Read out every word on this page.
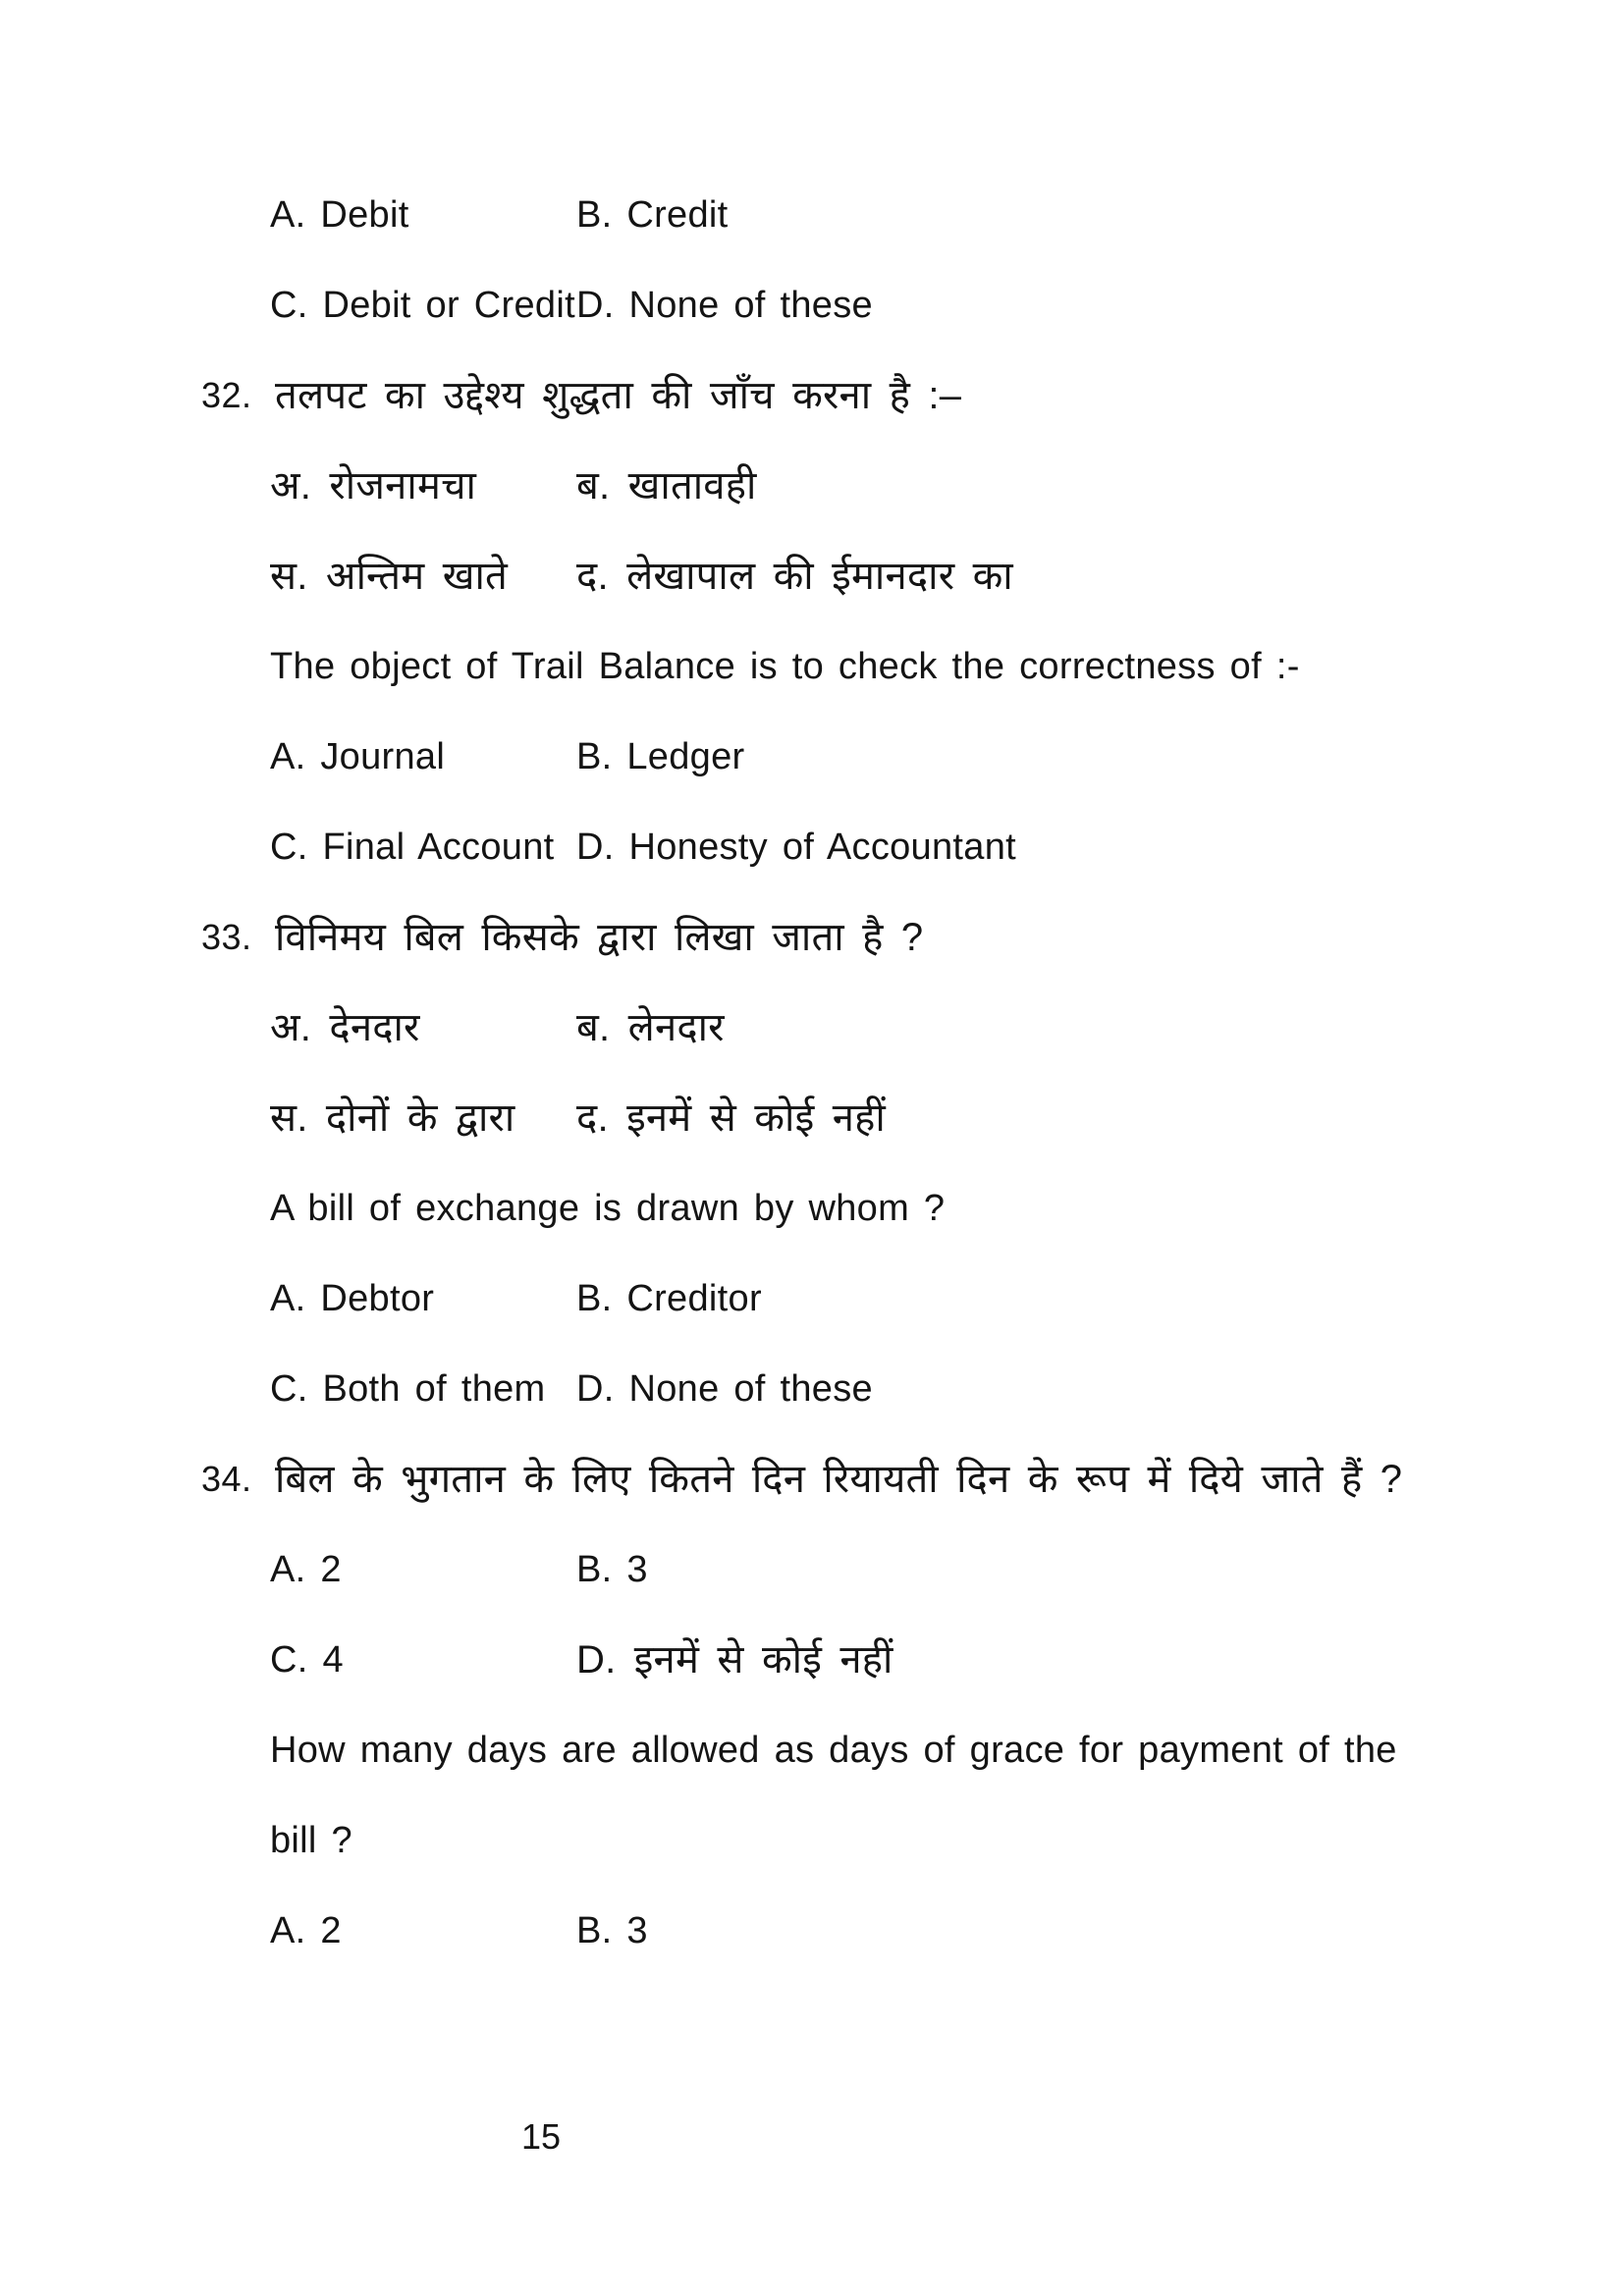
A. Debit	B. Credit
C. Debit or Credit D. None of these
32. तलपट का उद्देश्य शुद्धता की जाँच करना है :–
अ. रोजनामचा	ब. खातावही
स. अन्तिम खाते	द. लेखापाल की ईमानदार का
The object of Trail Balance is to check the correctness of :-
A. Journal	B. Ledger
C. Final Account D. Honesty of Accountant
33. विनिमय बिल किसके द्वारा लिखा जाता है ?
अ. देनदार	ब. लेनदार
स. दोनों के द्वारा	द. इनमें से कोई नहीं
A bill of exchange is drawn by whom ?
A. Debtor	B. Creditor
C. Both of them D. None of these
34. बिल के भुगतान के लिए कितने दिन रियायती दिन के रूप में दिये जाते हैं ?
A. 2	B. 3
C. 4	D. इनमें से कोई नहीं
How many days are allowed as days of grace for payment of the
bill ?
A. 2	B. 3
15
